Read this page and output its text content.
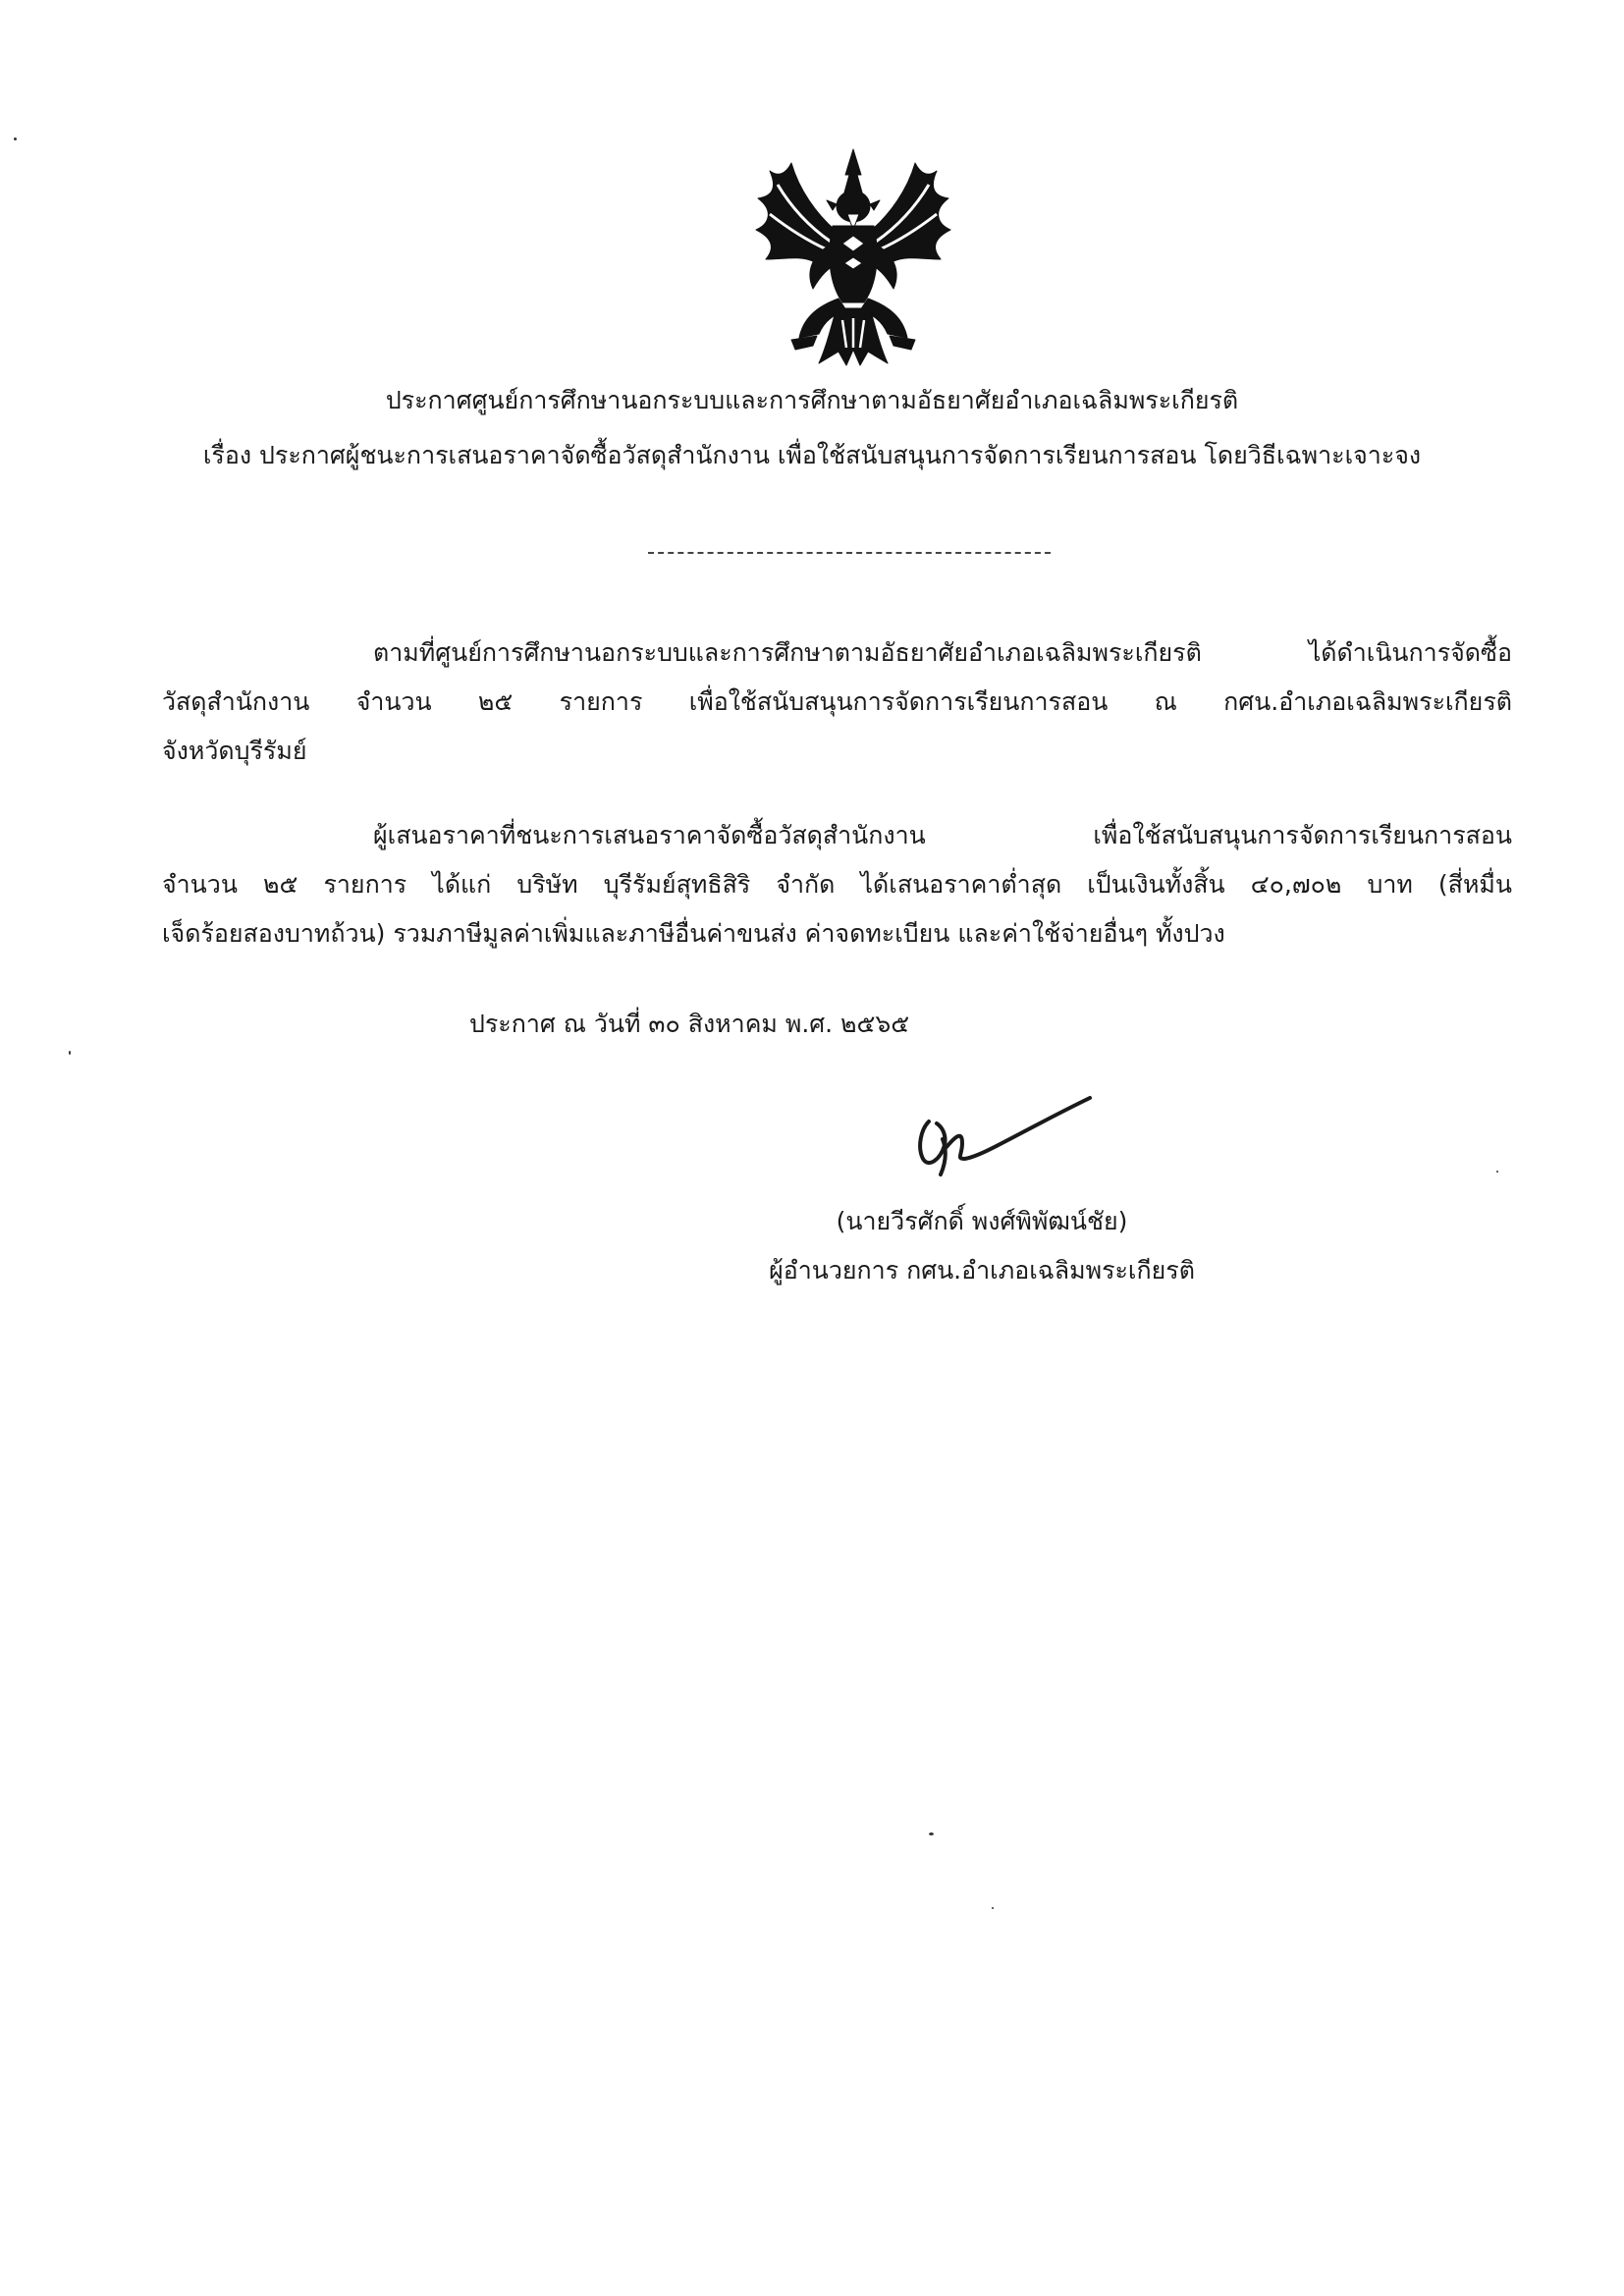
ประกาศศูนย์การศึกษานอกระบบและการศึกษาตามอัธยาศัยอำเภอเฉลิมพระเกียรติ
เรื่อง ประกาศผู้ชนะการเสนอราคาจัดซื้อวัสดุสำนักงาน เพื่อใช้สนับสนุนการจัดการเรียนการสอน โดยวิธีเฉพาะเจาะจง
ตามที่ศูนย์การศึกษานอกระบบและการศึกษาตามอัธยาศัยอำเภอเฉลิมพระเกียรติ ได้ดำเนินการจัดซื้อ
วัสดุสำนักงาน จำนวน ๒๕ รายการ เพื่อใช้สนับสนุนการจัดการเรียนการสอน ณ กศน.อำเภอเฉลิมพระเกียรติ
จังหวัดบุรีรัมย์
ผู้เสนอราคาที่ชนะการเสนอราคาจัดซื้อวัสดุสำนักงาน เพื่อใช้สนับสนุนการจัดการเรียนการสอน
จำนวน ๒๕ รายการ ได้แก่ บริษัท บุรีรัมย์สุทธิสิริ จำกัด ได้เสนอราคาต่ำสุด เป็นเงินทั้งสิ้น ๔๐,๗๐๒ บาท (สี่หมื่น
เจ็ดร้อยสองบาทถ้วน) รวมภาษีมูลค่าเพิ่มและภาษีอื่นค่าขนส่ง ค่าจดทะเบียน และค่าใช้จ่ายอื่นๆ ทั้งปวง
ประกาศ ณ วันที่ ๓๐ สิงหาคม พ.ศ. ๒๕๖๕
(นายวีรศักดิ์ พงศ์พิพัฒน์ชัย)
ผู้อำนวยการ กศน.อำเภอเฉลิมพระเกียรติ
